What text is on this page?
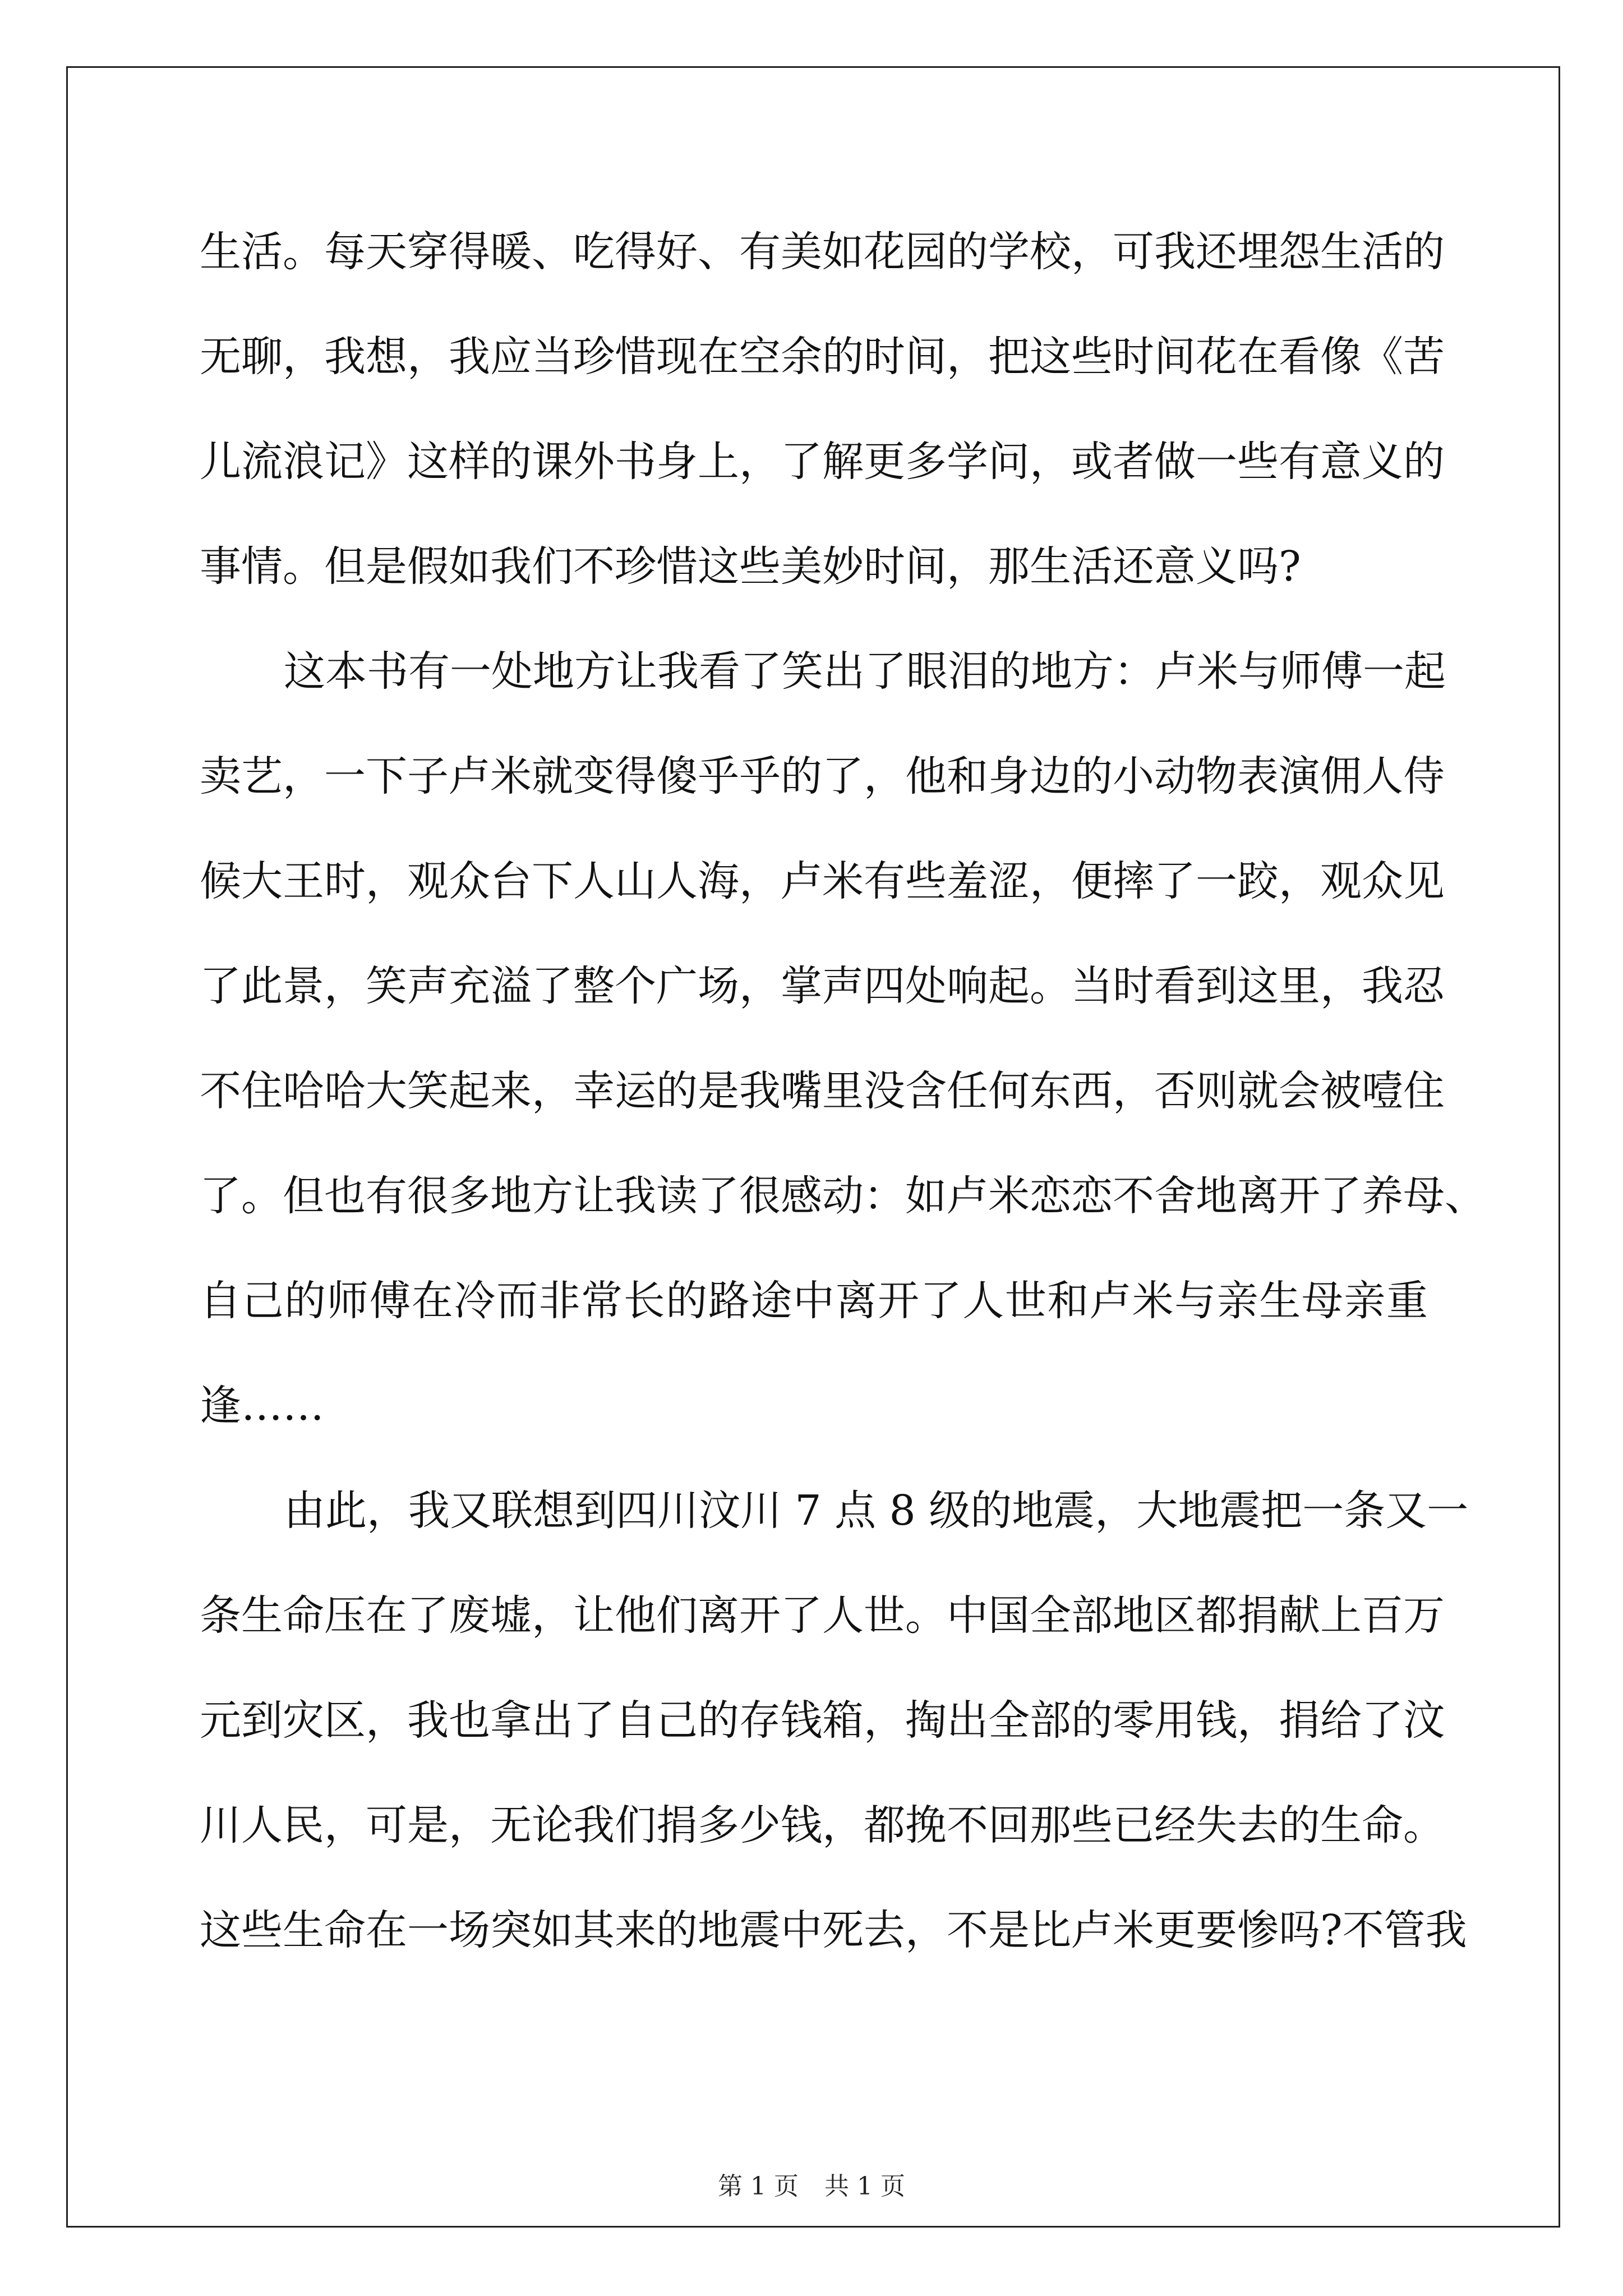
生活。每天穿得暖、吃得好、有美如花园的学校，可我还埋怨生活的
无聊，我想，我应当珍惜现在空余的时间，把这些时间花在看像《苦
儿流浪记》这样的课外书身上，了解更多学问，或者做一些有意义的
事情。但是假如我们不珍惜这些美妙时间，那生活还意义吗?
这本书有一处地方让我看了笑出了眼泪的地方：卢米与师傅一起
卖艺，一下子卢米就变得傻乎乎的了，他和身边的小动物表演佣人侍
候大王时，观众台下人山人海，卢米有些羞涩，便摔了一跤，观众见
了此景，笑声充溢了整个广场，掌声四处响起。当时看到这里，我忍
不住哈哈大笑起来，幸运的是我嘴里没含任何东西，否则就会被噎住
了。但也有很多地方让我读了很感动：如卢米恋恋不舍地离开了养母、
自己的师傅在冷而非常长的路途中离开了人世和卢米与亲生母亲重
逢……
由此，我又联想到四川汶川 7 点 8 级的地震，大地震把一条又一
条生命压在了废墟，让他们离开了人世。中国全部地区都捐献上百万
元到灾区，我也拿出了自己的存钱箱，掏出全部的零用钱，捐给了汶
川人民，可是，无论我们捐多少钱，都挽不回那些已经失去的生命。
这些生命在一场突如其来的地震中死去，不是比卢米更要惨吗?不管我
第 1 页 共 1 页
